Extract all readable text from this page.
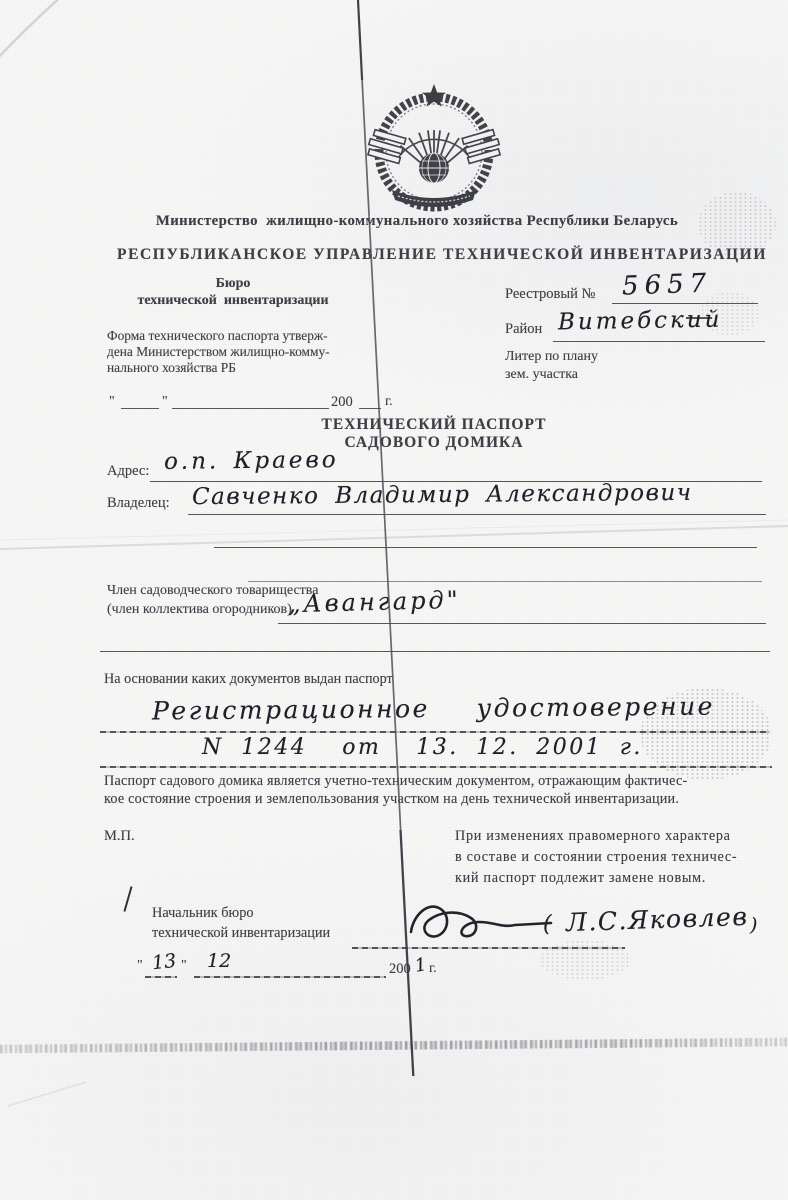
Министерство  жилищно-коммунального хозяйства Республики Беларусь
РЕСПУБЛИКАНСКОЕ УПРАВЛЕНИЕ ТЕХНИЧЕСКОЙ ИНВЕНТАРИЗАЦИИ
Бюро
технической  инвентаризации	Реестровый № 5657
Район Витебский
Форма технического паспорта утверж-
дена Министерством жилищно-комму-
нального хозяйства РБ
Литер по плану
зем. участка
"	"	200 г.
ТЕХНИЧЕСКИЙ ПАСПОРТ
САДОВОГО ДОМИКА
Адрес: о.п. Краево
Владелец: Савченко Владимир Александрович
Член садоводческого товарищества
(член коллектива огородников)
„Авангард"
На основании каких документов выдан паспорт
Регистрационное  удостоверение
N 1244  от  13. 12. 2001 г.
Паспорт садового домика является учетно-техническим документом, отражающим фактичес-
кое состояние строения и землепользования участком на день технической инвентаризации.
М.П.	При изменениях правомерного характера
в составе и состоянии строения техничес-
кий паспорт подлежит замене новым.
Начальник бюро
технической инвентаризации	( Л.С.Яковлев )
" 13 " 12	200 1 г.
